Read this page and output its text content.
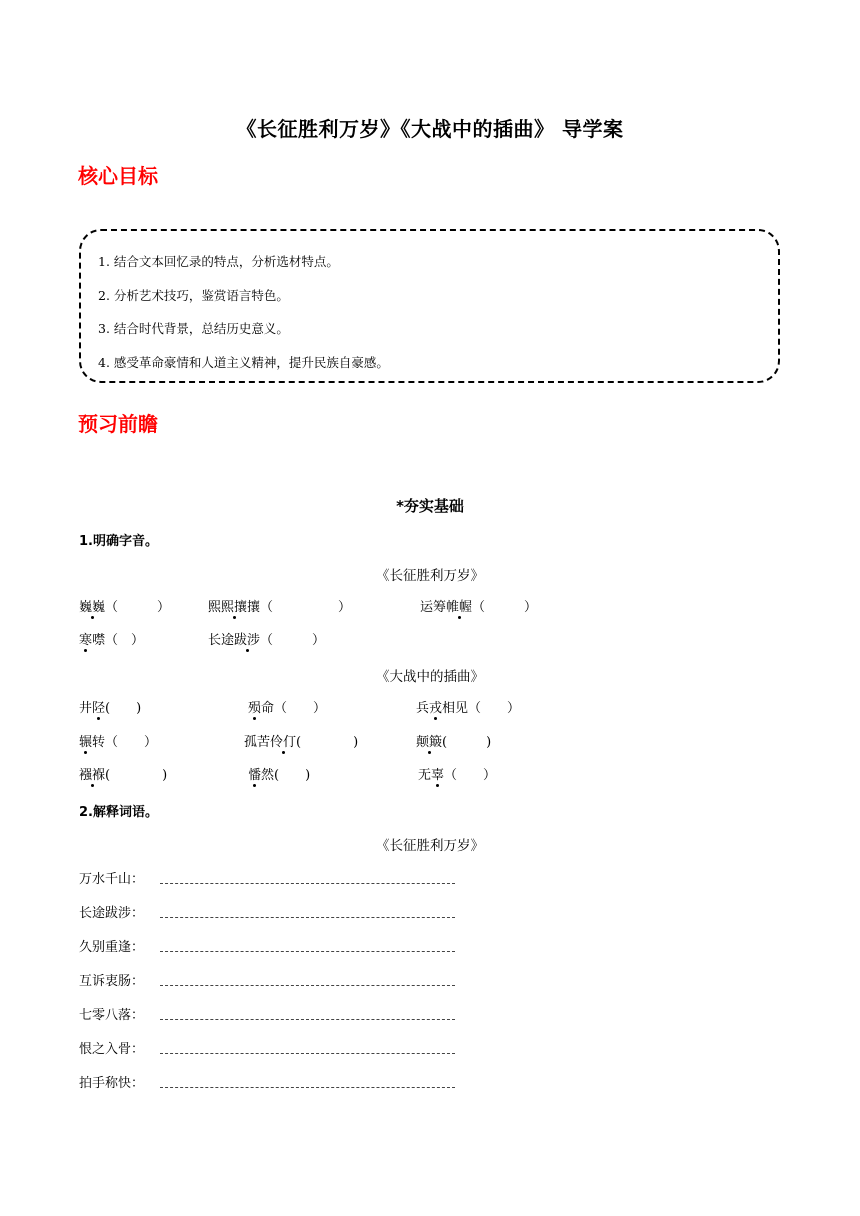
《长征胜利万岁》《大战中的插曲》 导学案
核心目标
1. 结合文本回忆录的特点，分析选材特点。
2. 分析艺术技巧，鉴赏语言特色。
3. 结合时代背景，总结历史意义。
4. 感受革命豪情和人道主义精神，提升民族自豪感。
预习前瞻
*夯实基础
1.明确字音。
《长征胜利万岁》
巍巍（　　　）	熙熙攘攘（　　　　　）	运筹帷幄（　　　）
寒噤（　）	长途跋涉（　　　）
《大战中的插曲》
井陉(　　)	殒命（　　）	兵戎相见（　　）
辗转（　　）	孤苦伶仃(　　　　)	颠簸(　　　)
襁褓(　　　　)	憣然(　　)	无辜（　　）
2.解释词语。
《长征胜利万岁》
万水千山：
长途跋涉：
久别重逢：
互诉衷肠：
七零八落：
恨之入骨：
拍手称快：
